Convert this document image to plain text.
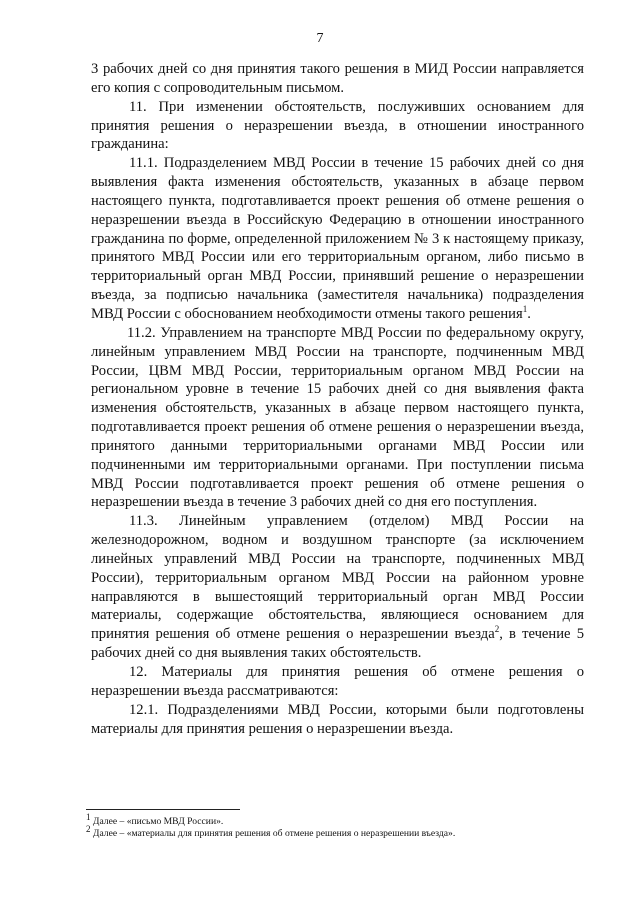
7

3 рабочих дней со дня принятия такого решения в МИД России направляется его копия с сопроводительным письмом.

11. При изменении обстоятельств, послуживших основанием для принятия решения о неразрешении въезда, в отношении иностранного гражданина:

11.1. Подразделением МВД России в течение 15 рабочих дней со дня выявления факта изменения обстоятельств, указанных в абзаце первом настоящего пункта, подготавливается проект решения об отмене решения о неразрешении въезда в Российскую Федерацию в отношении иностранного гражданина по форме, определенной приложением № 3 к настоящему приказу, принятого МВД России или его территориальным органом, либо письмо в территориальный орган МВД России, принявший решение о неразрешении въезда, за подписью начальника (заместителя начальника) подразделения МВД России с обоснованием необходимости отмены такого решения$^1$.

11.2. Управлением на транспорте МВД России по федеральному округу, линейным управлением МВД России на транспорте, подчиненным МВД России, ЦВМ МВД России, территориальным органом МВД России на региональном уровне в течение 15 рабочих дней со дня выявления факта изменения обстоятельств, указанных в абзаце первом настоящего пункта, подготавливается проект решения об отмене решения о неразрешении въезда, принятого данными территориальными органами МВД России или подчиненными им территориальными органами. При поступлении письма МВД России подготавливается проект решения об отмене решения о неразрешении въезда в течение 3 рабочих дней со дня его поступления.

11.3. Линейным управлением (отделом) МВД России на железнодорожном, водном и воздушном транспорте (за исключением линейных управлений МВД России на транспорте, подчиненных МВД России), территориальным органом МВД России на районном уровне направляются в вышестоящий территориальный орган МВД России материалы, содержащие обстоятельства, являющиеся основанием для принятия решения об отмене решения о неразрешении въезда$^2$, в течение 5 рабочих дней со дня выявления таких обстоятельств.

12. Материалы для принятия решения об отмене решения о неразрешении въезда рассматриваются:

12.1. Подразделениями МВД России, которыми были подготовлены материалы для принятия решения о неразрешении въезда.

$^1$ Далее – «письмо МВД России».
$^2$ Далее – «материалы для принятия решения об отмене решения о неразрешении въезда».
